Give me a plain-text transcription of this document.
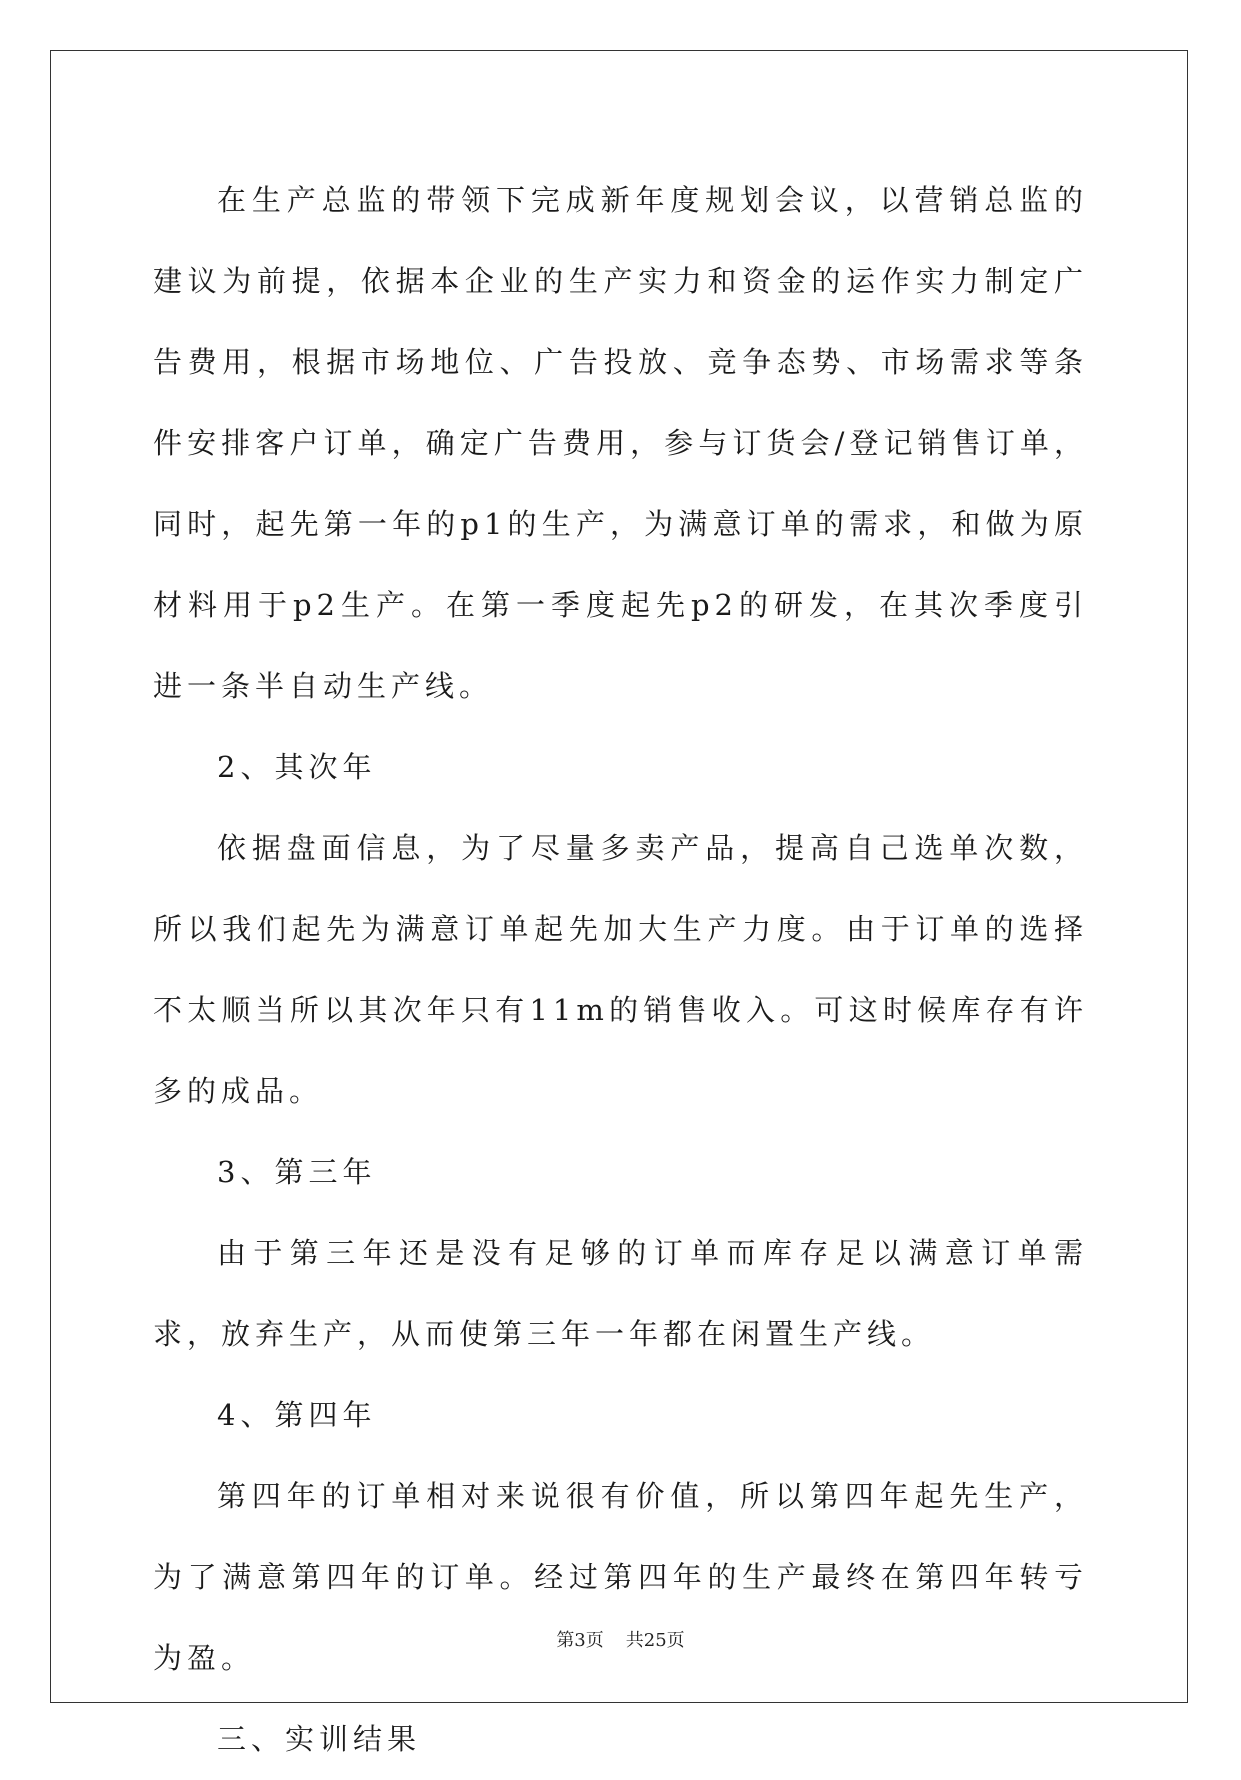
在生产总监的带领下完成新年度规划会议，以营销总监的建议为前提，依据本企业的生产实力和资金的运作实力制定广告费用，根据市场地位、广告投放、竞争态势、市场需求等条件安排客户订单，确定广告费用，参与订货会/登记销售订单，同时，起先第一年的p1的生产，为满意订单的需求，和做为原材料用于p2生产。在第一季度起先p2的研发，在其次季度引进一条半自动生产线。

2、其次年

依据盘面信息，为了尽量多卖产品，提高自己选单次数，所以我们起先为满意订单起先加大生产力度。由于订单的选择不太顺当所以其次年只有11m的销售收入。可这时候库存有许多的成品。

3、第三年

由于第三年还是没有足够的订单而库存足以满意订单需求，放弃生产，从而使第三年一年都在闲置生产线。

4、第四年

第四年的订单相对来说很有价值，所以第四年起先生产，为了满意第四年的订单。经过第四年的生产最终在第四年转亏为盈。

三、实训结果

第3页 共25页
